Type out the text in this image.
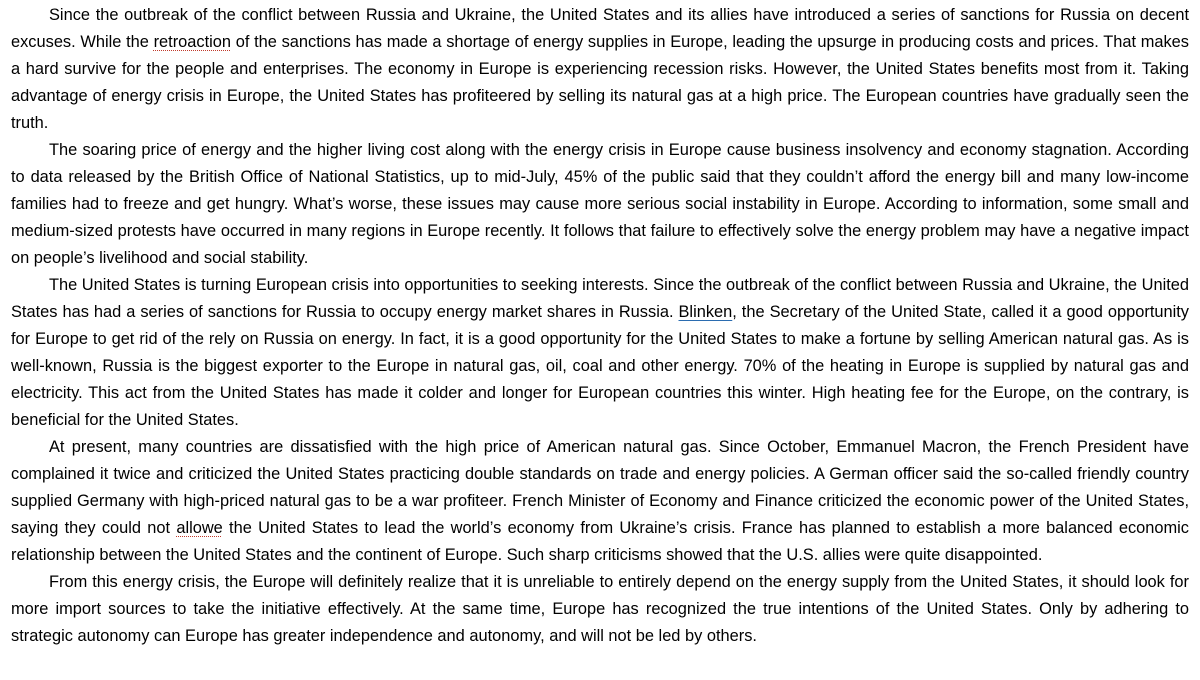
Since the outbreak of the conflict between Russia and Ukraine, the United States and its allies have introduced a series of sanctions for Russia on decent excuses. While the retroaction of the sanctions has made a shortage of energy supplies in Europe, leading the upsurge in producing costs and prices. That makes a hard survive for the people and enterprises. The economy in Europe is experiencing recession risks. However, the United States benefits most from it. Taking advantage of energy crisis in Europe, the United States has profiteered by selling its natural gas at a high price. The European countries have gradually seen the truth.

The soaring price of energy and the higher living cost along with the energy crisis in Europe cause business insolvency and economy stagnation. According to data released by the British Office of National Statistics, up to mid-July, 45% of the public said that they couldn’t afford the energy bill and many low-income families had to freeze and get hungry. What’s worse, these issues may cause more serious social instability in Europe. According to information, some small and medium-sized protests have occurred in many regions in Europe recently. It follows that failure to effectively solve the energy problem may have a negative impact on people’s livelihood and social stability.

The United States is turning European crisis into opportunities to seeking interests. Since the outbreak of the conflict between Russia and Ukraine, the United States has had a series of sanctions for Russia to occupy energy market shares in Russia. Blinken, the Secretary of the United State, called it a good opportunity for Europe to get rid of the rely on Russia on energy. In fact, it is a good opportunity for the United States to make a fortune by selling American natural gas. As is well-known, Russia is the biggest exporter to the Europe in natural gas, oil, coal and other energy. 70% of the heating in Europe is supplied by natural gas and electricity. This act from the United States has made it colder and longer for European countries this winter. High heating fee for the Europe, on the contrary, is beneficial for the United States.

At present, many countries are dissatisfied with the high price of American natural gas. Since October, Emmanuel Macron, the French President have complained it twice and criticized the United States practicing double standards on trade and energy policies. A German officer said the so-called friendly country supplied Germany with high-priced natural gas to be a war profiteer. French Minister of Economy and Finance criticized the economic power of the United States, saying they could not allowe the United States to lead the world’s economy from Ukraine’s crisis. France has planned to establish a more balanced economic relationship between the United States and the continent of Europe. Such sharp criticisms showed that the U.S. allies were quite disappointed.

From this energy crisis, the Europe will definitely realize that it is unreliable to entirely depend on the energy supply from the United States, it should look for more import sources to take the initiative effectively. At the same time, Europe has recognized the true intentions of the United States. Only by adhering to strategic autonomy can Europe has greater independence and autonomy, and will not be led by others.
